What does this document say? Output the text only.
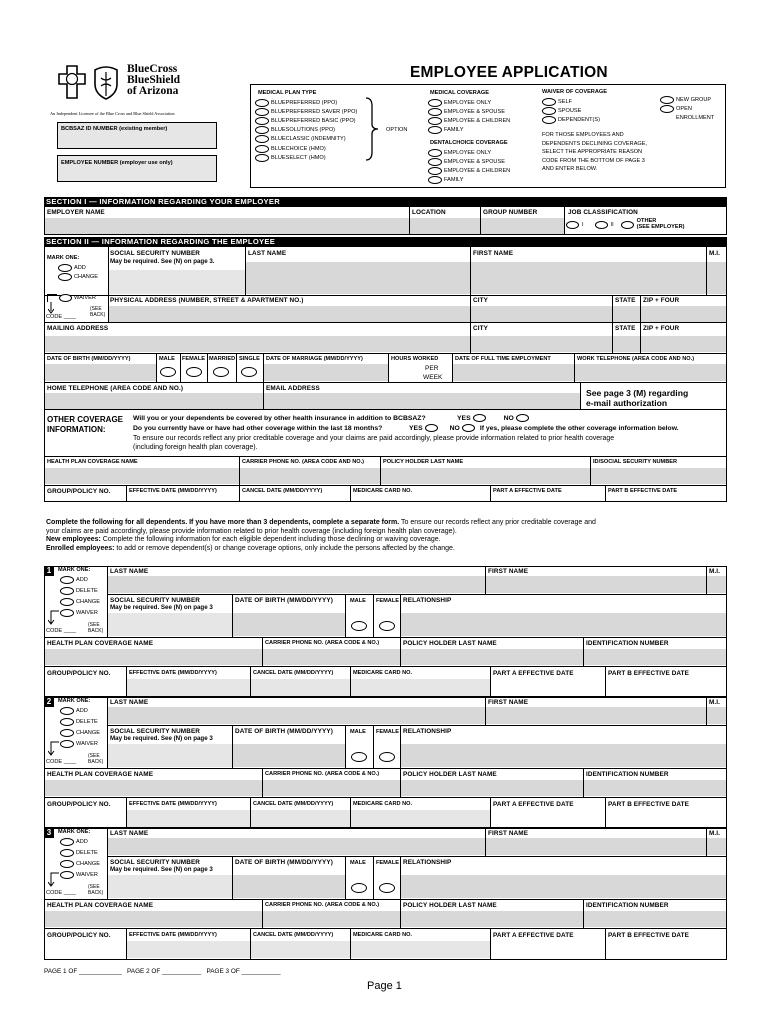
BlueCross
BlueShield
of Arizona
An Independent Licensee of the Blue Cross and Blue Shield Association
EMPLOYEE APPLICATION
BCBSAZ ID NUMBER (existing member)
EMPLOYEE NUMBER (employer use only)
MEDICAL PLAN TYPE
BLUEPREFERRED (PPO)
BLUEPREFERRED SAVER (PPO)
BLUEPREFERRED BASIC (PPO)
BLUESOLUTIONS (PPO)
BLUECLASSIC (INDEMNITY)
BLUECHOICE (HMO)
BLUESELECT (HMO)
OPTION
MEDICAL COVERAGE
EMPLOYEE ONLY
EMPLOYEE & SPOUSE
EMPLOYEE & CHILDREN
FAMILY
DENTALCHOICE COVERAGE
EMPLOYEE ONLY
EMPLOYEE & SPOUSE
EMPLOYEE & CHILDREN
FAMILY
WAIVER OF COVERAGE
SELF
SPOUSE
DEPENDENT(S)
FOR THOSE EMPLOYEES AND
DEPENDENTS DECLINING COVERAGE,
SELECT THE APPROPRIATE REASON
CODE FROM THE BOTTOM OF PAGE 3
AND ENTER BELOW.
NEW GROUP
OPEN
ENROLLMENT
SECTION I — INFORMATION REGARDING YOUR EMPLOYER
EMPLOYER NAME	LOCATION	GROUP NUMBER	JOB CLASSIFICATION
I	II
OTHER
(SEE EMPLOYER)
SECTION II — INFORMATION REGARDING THE EMPLOYEE
MARK ONE:
ADD
CHANGE
SOCIAL SECURITY NUMBER
May be required. See (N) on page 3.
LAST NAME	FIRST NAME	M.I.
WAIVER
(SEE
BACK)
CODE ____
PHYSICAL ADDRESS (NUMBER, STREET & APARTMENT NO.)	CITY	STATE ZIP + FOUR
MAILING ADDRESS	CITY	STATE ZIP + FOUR
DATE OF BIRTH (MM/DD/YYYY)	MALE FEMALE MARRIED SINGLE DATE OF MARRIAGE (MM/DD/YYYY)	HOURS WORKED
PER
WEEK
DATE OF FULL TIME EMPLOYMENT	WORK TELEPHONE (AREA CODE AND NO.)
HOME TELEPHONE (AREA CODE AND NO.)	EMAIL ADDRESS	See page 3 (M) regarding
e-mail authorization
OTHER COVERAGE
INFORMATION:
Will you or your dependents be covered by other health insurance in addition to BCBSAZ?	YES	NO
Do you currently have or have had other coverage within the last 18 months?	YES	NO	If yes, please complete the other coverage information below.
To ensure our records reflect any prior creditable coverage and your claims are paid accordingly, please provide information related to prior health coverage
(including foreign health plan coverage).
HEALTH PLAN COVERAGE NAME	CARRIER PHONE NO. (AREA CODE AND NO.)	POLICY HOLDER LAST NAME	ID/SOCIAL SECURITY NUMBER
GROUP/POLICY NO.	EFFECTIVE DATE (MM/DD/YYYY)	CANCEL DATE (MM/DD/YYYY)	MEDICARE CARD NO.	PART A EFFECTIVE DATE	PART B EFFECTIVE DATE
Complete the following for all dependents. If you have more than 3 dependents, complete a separate form. To ensure our records reflect any prior creditable coverage and
your claims are paid accordingly, please provide information related to prior health coverage (including foreign health plan coverage).
New employees: Complete the following information for each eligible dependent including those declining or waiving coverage.
Enrolled employees: to add or remove dependent(s) or change coverage options, only include the persons affected by the change.
1	MARK ONE:
ADD
DELETE
CHANGE
WAIVER
(SEE
BACK)
CODE ____
LAST NAME	FIRST NAME	M.I.
SOCIAL SECURITY NUMBER
May be required. See (N) on page 3
DATE OF BIRTH (MM/DD/YYYY)	MALE FEMALE RELATIONSHIP
HEALTH PLAN COVERAGE NAME	CARRIER PHONE NO. (AREA CODE & NO.)	POLICY HOLDER LAST NAME	IDENTIFICATION NUMBER
GROUP/POLICY NO.	EFFECTIVE DATE (MM/DD/YYYY)	CANCEL DATE (MM/DD/YYYY)	MEDICARE CARD NO.	PART A EFFECTIVE DATE	PART B EFFECTIVE DATE
2	MARK ONE:
ADD
DELETE
CHANGE
WAIVER
(SEE
BACK)
CODE ____
LAST NAME	FIRST NAME	M.I.
SOCIAL SECURITY NUMBER
May be required. See (N) on page 3
DATE OF BIRTH (MM/DD/YYYY)	MALE FEMALE RELATIONSHIP
HEALTH PLAN COVERAGE NAME	CARRIER PHONE NO. (AREA CODE & NO.)	POLICY HOLDER LAST NAME	IDENTIFICATION NUMBER
GROUP/POLICY NO.	EFFECTIVE DATE (MM/DD/YYYY)	CANCEL DATE (MM/DD/YYYY)	MEDICARE CARD NO.	PART A EFFECTIVE DATE	PART B EFFECTIVE DATE
3	MARK ONE:
ADD
DELETE
CHANGE
WAIVER
(SEE
BACK)
CODE ____
LAST NAME	FIRST NAME	M.I.
SOCIAL SECURITY NUMBER
May be required. See (N) on page 3
DATE OF BIRTH (MM/DD/YYYY)	MALE FEMALE RELATIONSHIP
HEALTH PLAN COVERAGE NAME	CARRIER PHONE NO. (AREA CODE & NO.)	POLICY HOLDER LAST NAME	IDENTIFICATION NUMBER
GROUP/POLICY NO.	EFFECTIVE DATE (MM/DD/YYYY)	CANCEL DATE (MM/DD/YYYY)	MEDICARE CARD NO.	PART A EFFECTIVE DATE	PART B EFFECTIVE DATE
PAGE 1 OF ____________   PAGE 2 OF ___________   PAGE 3 OF ___________
Page 1
